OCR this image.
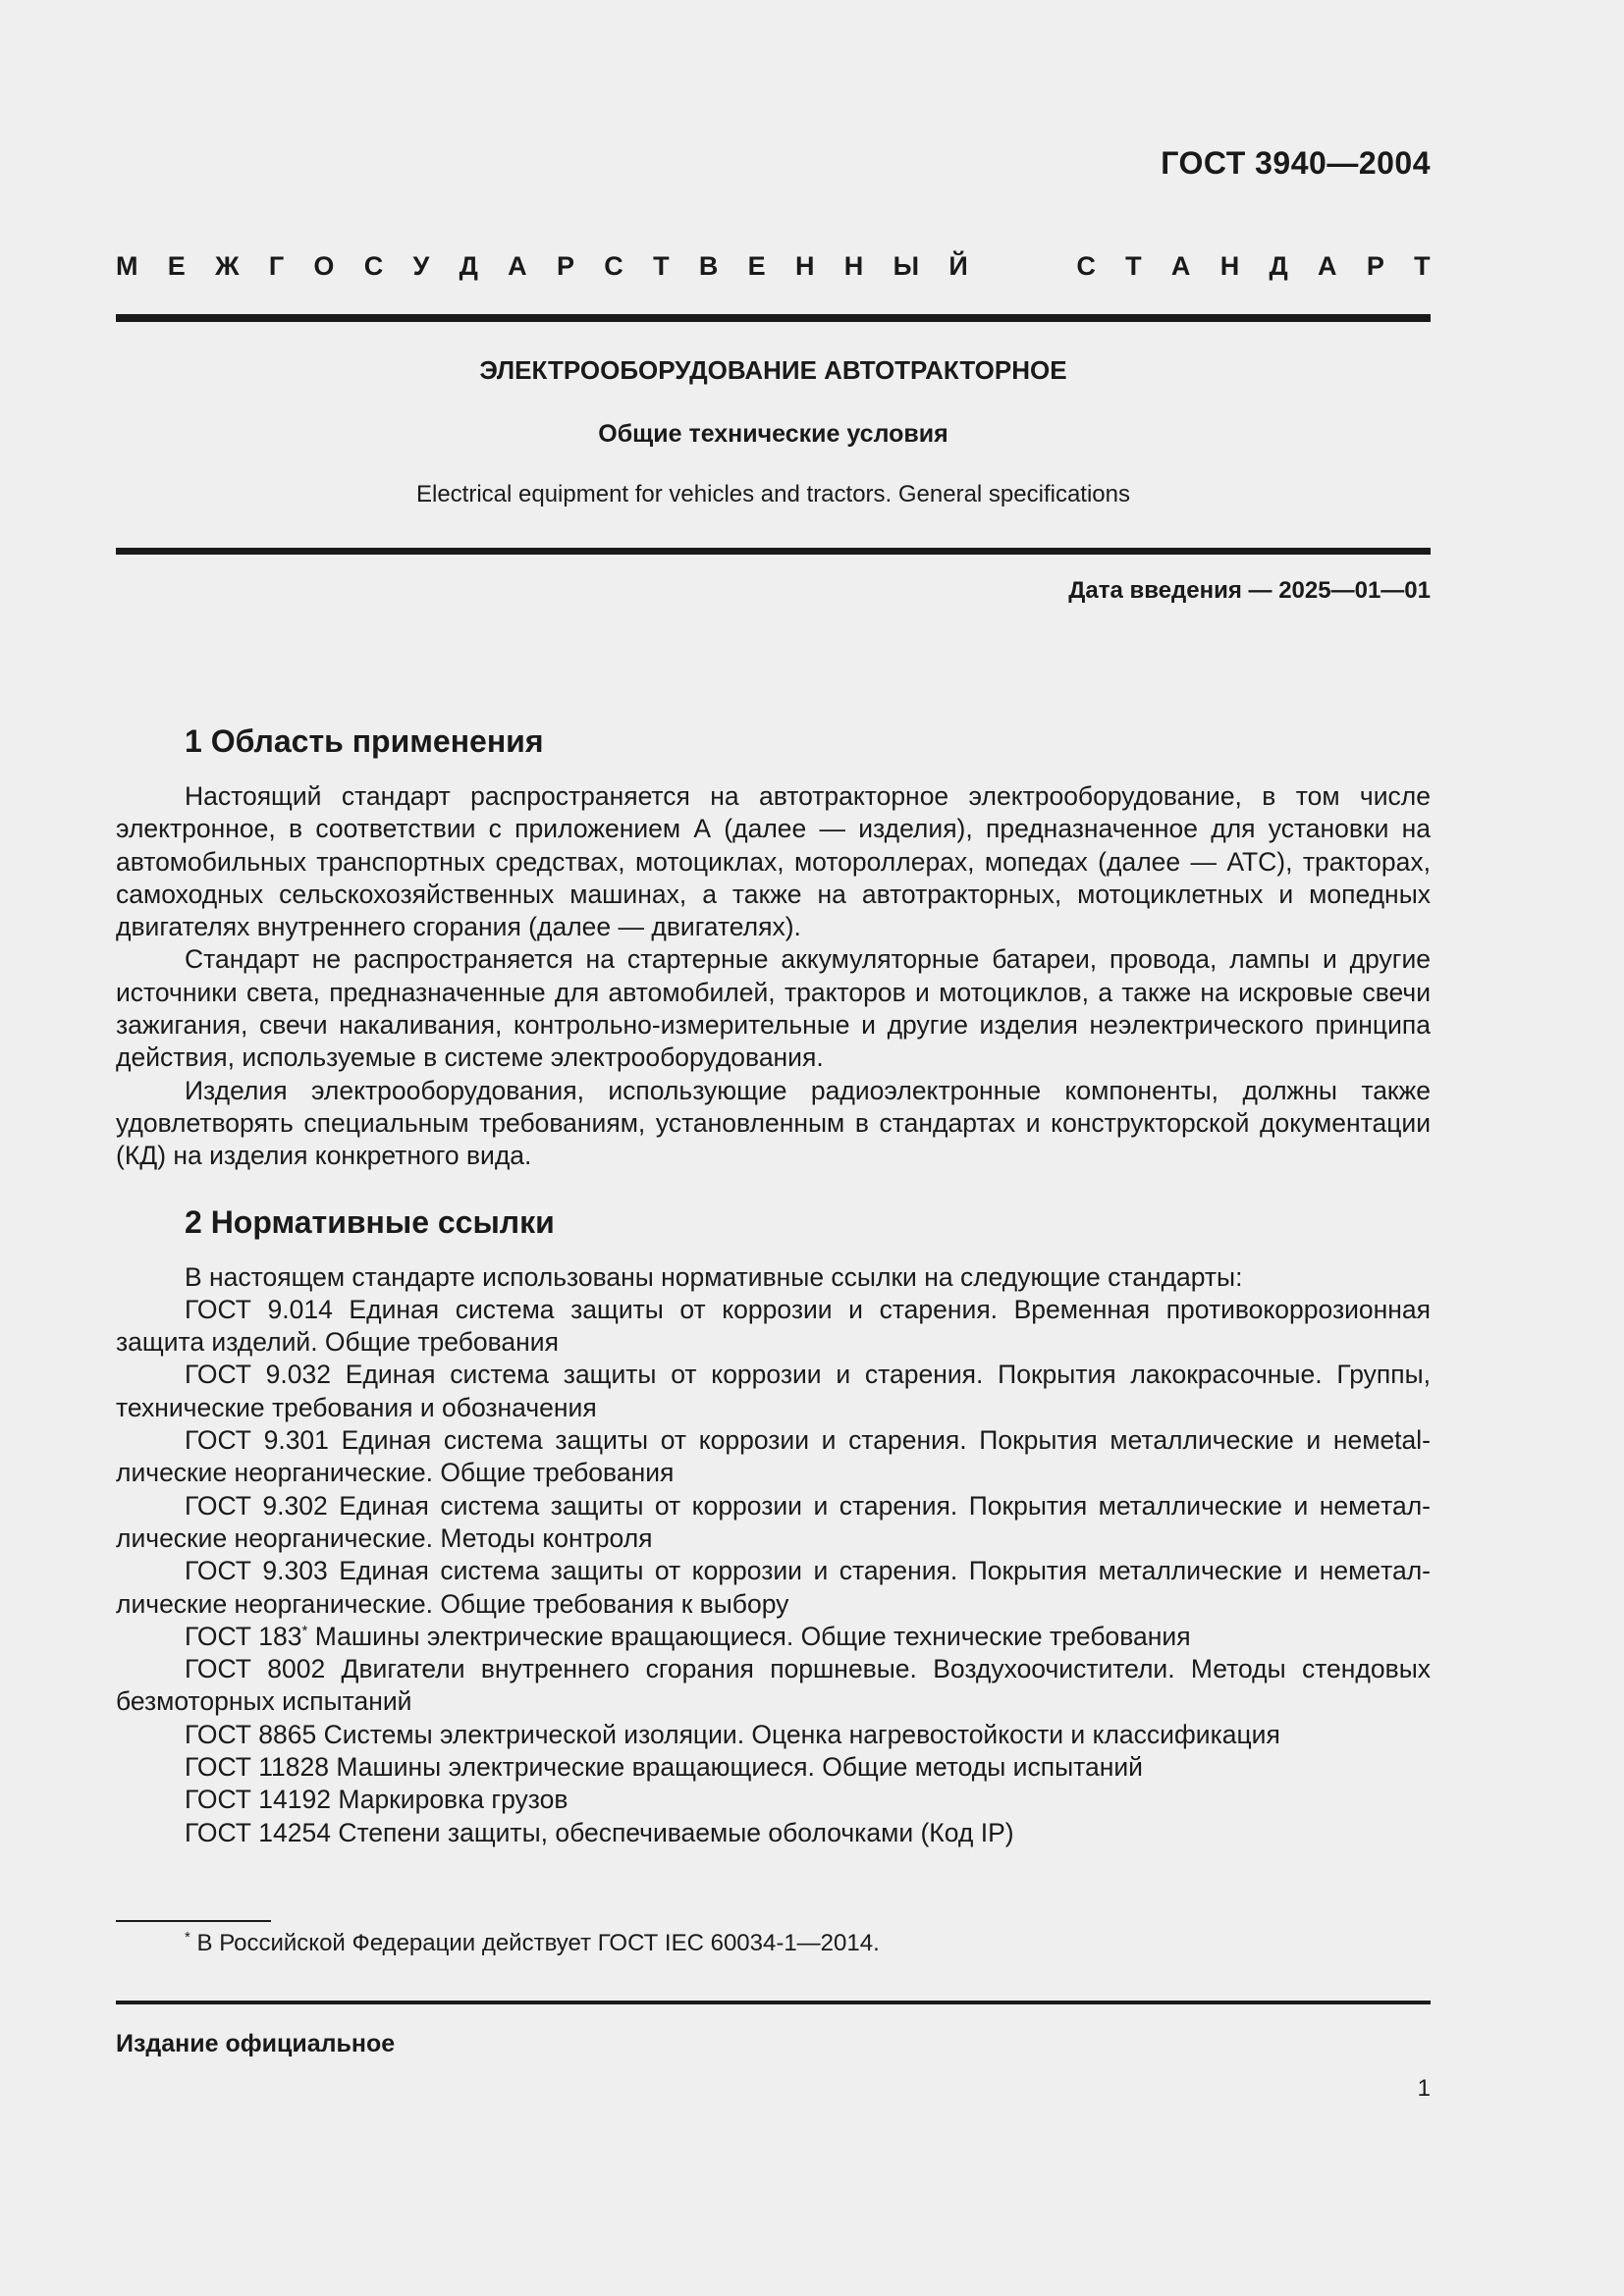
ГОСТ 3940—2004
М Е Ж Г О С У Д А Р С Т В Е Н Н Ы Й	С Т А Н Д А Р Т
ЭЛЕКТРООБОРУДОВАНИЕ АВТОТРАКТОРНОЕ
Общие технические условия
Electrical equipment for vehicles and tractors. General specifications
Дата введения — 2025—01—01
1 Область применения

Настоящий стандарт распространяется на автотракторное электрооборудование, в том числе электронное, в соответствии с приложением А (далее — изделия), предназначенное для установки на автомобильных транспортных средствах, мотоциклах, мотороллерах, мопедах (далее — АТС), тракторах, самоходных сельскохозяйственных машинах, а также на автотракторных, мотоциклетных и мопедных двигателях внутреннего сгорания (далее — двигателях).

Стандарт не распространяется на стартерные аккумуляторные батареи, провода, лампы и другие источники света, предназначенные для автомобилей, тракторов и мотоциклов, а также на искровые свечи зажигания, свечи накаливания, контрольно-измерительные и другие изделия неэлектрического принципа действия, используемые в системе электрооборудования.

Изделия электрооборудования, использующие радиоэлектронные компоненты, должны также удовлетворять специальным требованиям, установленным в стандартах и конструкторской документации (КД) на изделия конкретного вида.

2 Нормативные ссылки

В настоящем стандарте использованы нормативные ссылки на следующие стандарты:

ГОСТ 9.014 Единая система защиты от коррозии и старения. Временная противокоррозионная защита изделий. Общие требования

ГОСТ 9.032 Единая система защиты от коррозии и старения. Покрытия лакокрасочные. Группы, технические требования и обозначения

ГОСТ 9.301 Единая система защиты от коррозии и старения. Покрытия металлические и немetalлические неорганические. Общие требования

ГОСТ 9.302 Единая система защиты от коррозии и старения. Покрытия металлические и немeталлические неорганические. Методы контроля

ГОСТ 9.303 Единая система защиты от коррозии и старения. Покрытия металлические и немeталлические неорганические. Общие требования к выбору

ГОСТ 183* Машины электрические вращающиеся. Общие технические требования

ГОСТ 8002 Двигатели внутреннего сгорания поршневые. Воздухоочистители. Методы стендовых безмоторных испытаний

ГОСТ 8865 Системы электрической изоляции. Оценка нагревостойкости и классификация

ГОСТ 11828 Машины электрические вращающиеся. Общие методы испытаний

ГОСТ 14192 Маркировка грузов

ГОСТ 14254 Степени защиты, обеспечиваемые оболочками (Код IP)

* В Российской Федерации действует ГОСТ IEC 60034-1—2014.
Издание официальное
1
